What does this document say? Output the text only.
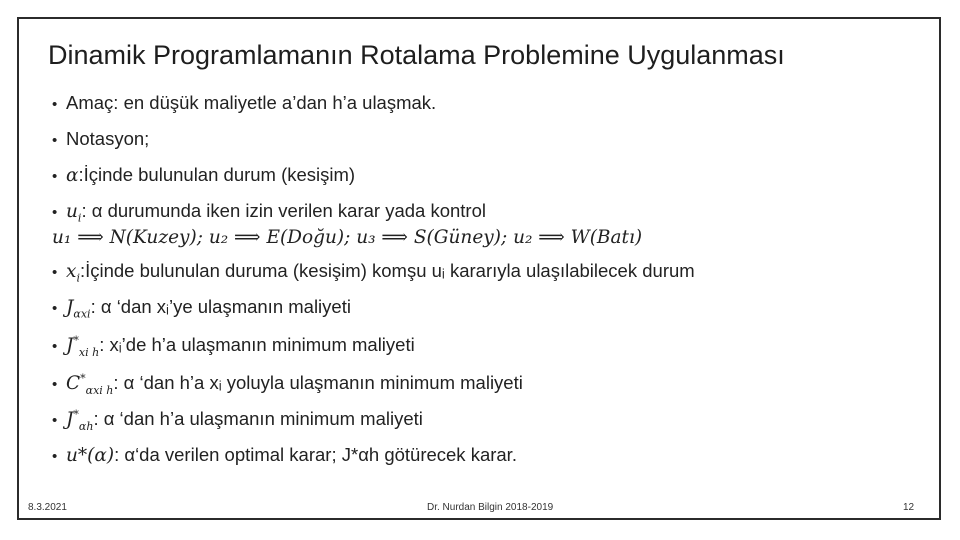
Dinamik Programlamanın Rotalama Problemine Uygulanması
• Amaç: en düşük maliyetle a’dan h’a ulaşmak.
• Notasyon;
• α:İçinde bulunulan durum (kesişim)
• $u_i$: α durumunda iken izin verilen karar yada kontrol
u₁ ⟹ N(Kuzey); u₂ ⟹ E(Doğu); u₃ ⟹ S(Güney); u₂ ⟹ W(Batı)
• $x_i:İçinde$ bulunulan duruma (kesişim) komşu uᵢ kararıyla ulaşılabilecek durum
• $J_{\alpha xi}$: α ‘dan xᵢ’ye ulaşmanın maliyeti
• $J^*_{xi h}$: xᵢ’de h’a ulaşmanın minimum maliyeti
• $C^*_{\alpha xi h}$: α ‘dan h’a xᵢ yoluyla ulaşmanın minimum maliyeti
• $J^*_{\alpha h}$: α ‘dan h’a ulaşmanın minimum maliyeti
• u*(α): α‘da verilen optimal karar; J*αh götürecek karar.
8.3.2021	Dr. Nurdan Bilgin 2018-2019	12
